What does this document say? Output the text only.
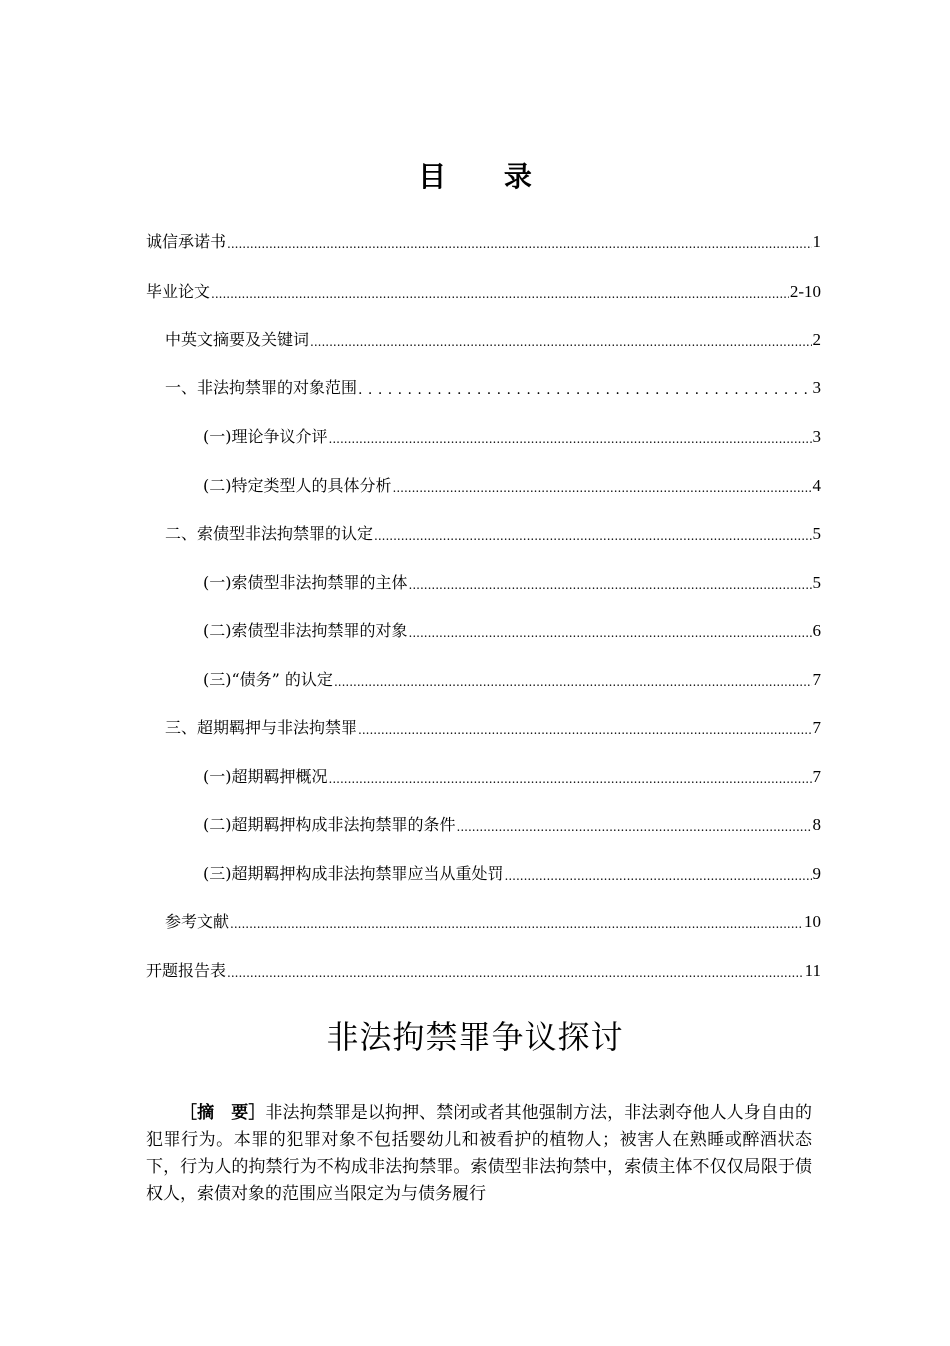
目 录
诚信承诺书 .....	1
毕业论文 .....	2-10
中英文摘要及关键词 .....	2
一、非法拘禁罪的对象范围 . . .	3
(一)理论争议介评 .....	3
(二)特定类型人的具体分析 .....	4
二、索债型非法拘禁罪的认定 .....	5
(一)索债型非法拘禁罪的主体 .....	5
(二)索债型非法拘禁罪的对象 .....	6
(三)“债务” 的认定 .....	7
三、超期羁押与非法拘禁罪 .....	7
(一)超期羁押概况 .....	7
(二)超期羁押构成非法拘禁罪的条件 .....	8
(三)超期羁押构成非法拘禁罪应当从重处罚 .....	9
参考文献 .....	10
开题报告表 .....	11
非法拘禁罪争议探讨

［摘　要］非法拘禁罪是以拘押、禁闭或者其他强制方法，非法剥夺他人人身自由的犯罪行为。本罪的犯罪对象不包括婴幼儿和被看护的植物人；被害人在熟睡或醉酒状态下，行为人的拘禁行为不构成非法拘禁罪。索债型非法拘禁中，索债主体不仅仅局限于债权人，索债对象的范围应当限定为与债务履行
